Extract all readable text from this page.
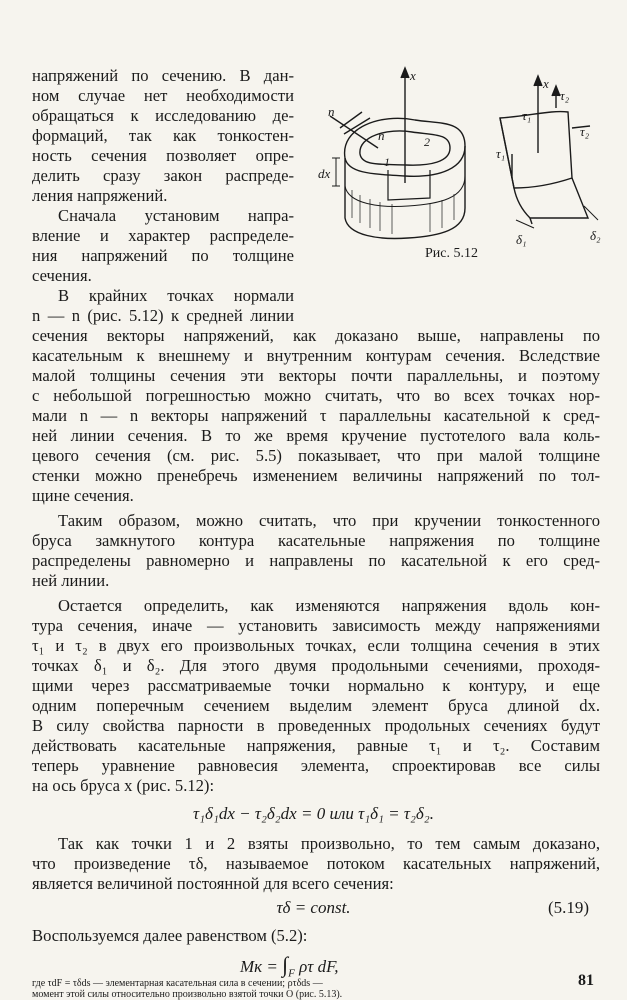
напряжений по сечению. В дан-
ном случае нет необходимости
обращаться к исследованию де-
формаций, так как тонкостен-
ность сечения позволяет опре-
делить сразу закон распреде-
ления напряжений.
Сначала установим напра-
вление и характер распределе-
ния напряжений по толщине
сечения.
В крайних точках нормали
n — n (рис. 5.12) к средней линии
x
n
n
1
2
dx
x
τ₂
τ₁
τ₁
τ₂
δ₁	δ₂
Рис. 5.12
сечения векторы напряжений, как доказано выше, направлены по
касательным к внешнему и внутренним контурам сечения. Вследствие
малой толщины сечения эти векторы почти параллельны, и поэтому
с небольшой погрешностью можно считать, что во всех точках нор-
мали n — n векторы напряжений τ параллельны касательной к сред-
ней линии сечения. В то же время кручение пустотелого вала коль-
цевого сечения (см. рис. 5.5) показывает, что при малой толщине
стенки можно пренебречь изменением величины напряжений по тол-
щине сечения.
Таким образом, можно считать, что при кручении тонкостенного
бруса замкнутого контура касательные напряжения по толщине
распределены равномерно и направлены по касательной к его сред-
ней линии.
Остается определить, как изменяются напряжения вдоль кон-
тура сечения, иначе — установить зависимость между напряжениями
τ₁ и τ₂ в двух его произвольных точках, если толщина сечения в этих
точках δ₁ и δ₂. Для этого двумя продольными сечениями, проходя-
щими через рассматриваемые точки нормально к контуру, и еще
одним поперечным сечением выделим элемент бруса длиной dx.
В силу свойства парности в проведенных продольных сечениях будут
действовать касательные напряжения, равные τ₁ и τ₂. Составим
теперь уравнение равновесия элемента, спроектировав все силы
на ось бруса x (рис. 5.12):
τ₁δ₁dx − τ₂δ₂dx = 0 или τ₁δ₁ = τ₂δ₂.
Так как точки 1 и 2 взяты произвольно, то тем самым доказано,
что произведение τδ, называемое потоком касательных напряжений,
является величиной постоянной для всего сечения:
τδ = const.	(5.19)
Воспользуемся далее равенством (5.2):
Mк = $\int_F$ ρτ dF,
81
где τdF = τδds — элементарная касательная сила в сечении; ρτδds —
момент этой силы относительно произвольно взятой точки O (рис. 5.13).
